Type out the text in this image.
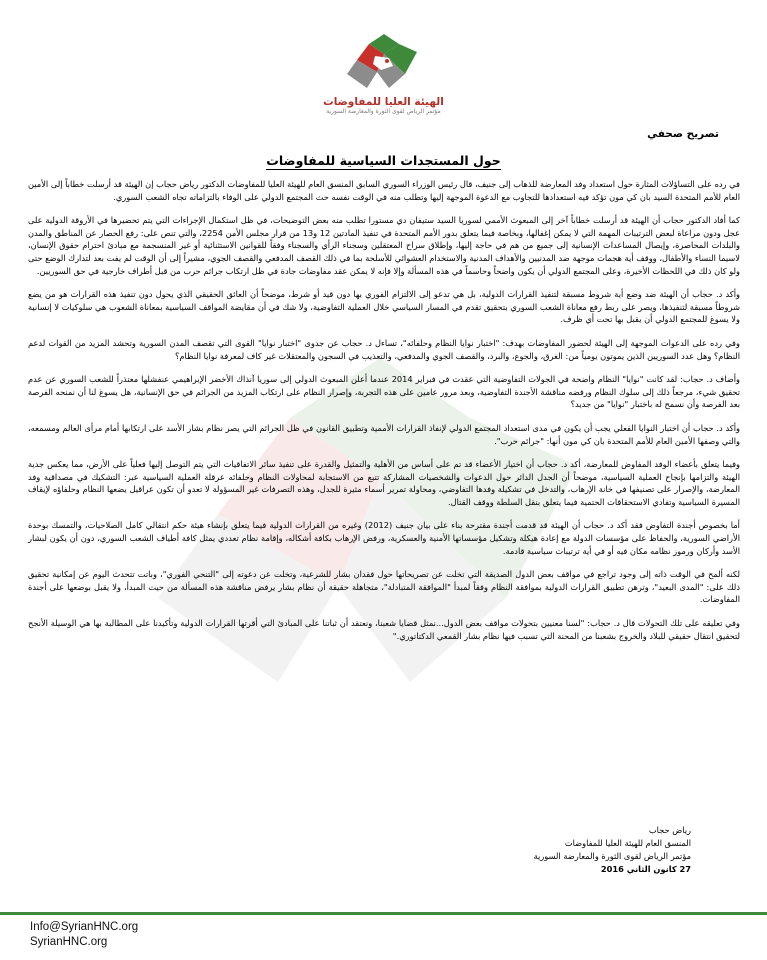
الهيئة العليا للمفاوضات
مؤتمر الرياض لقوى الثورة والمعارضة السورية
تصريح صحفي
حول المستجدات السياسية للمفاوضات

في رده على التساؤلات المثارة حول استعداد وفد المعارضة للذهاب إلى جنيف، قال رئيس الوزراء السوري السابق المنسق العام للهيئة العليا للمفاوضات الدكتور رياض حجاب إن الهيئة قد أرسلت خطاباً إلى الأمين العام للأمم المتحدة السيد بان كي مون تؤكد فيه استعدادها للتجاوب مع الدعوة الموجهة إليها وتطلب منه في الوقت نفسه حث المجتمع الدولي على الوفاء بالتزاماته تجاه الشعب السوري.

كما أفاد الدكتور حجاب أن الهيئة قد أرسلت خطاباً آخر إلى المبعوث الأممي لسوريا السيد ستيفان دي مستورا تطلب منه بعض التوضيحات، في ظل استكمال الإجراءات التي يتم تحضيرها في الأروقة الدولية على عجل ودون مراعاة لبعض الترتيبات المهمة التي لا يمكن إغفالها، وبخاصة فيما يتعلق بدور الأمم المتحدة في تنفيذ المادتين 12 و13 من قرار مجلس الأمن 2254، والتي تنص على: رفع الحصار عن المناطق والمدن والبلدات المحاصرة، وإيصال المساعدات الإنسانية إلى جميع من هم في حاجة إليها، وإطلاق سراح المعتقلين وسجناء الرأي والسجناء وفقاً للقوانين الاستثنائية أو غير المنسجمة مع مبادئ احترام حقوق الإنسان، لاسيما النساء والأطفال، ووقف أية هجمات موجهة ضد المدنيين والأهداف المدنية والاستخدام العشوائي للأسلحة بما في ذلك القصف المدفعي والقصف الجوي، مشيراً إلى أن الوقت لم يفت بعد لتدارك الوضع حتى ولو كان ذلك في اللحظات الأخيرة، وعلى المجتمع الدولي أن يكون واضحاً وحاسماً في هذه المسألة وإلا فإنه لا يمكن عقد مفاوضات جادة في ظل ارتكاب جرائم حرب من قبل أطراف خارجية في حق السوريين.

وأكد د. حجاب أن الهيئة ضد وضع أية شروط مسبقة لتنفيذ القرارات الدولية، بل هي تدعو إلى الالتزام الفوري بها دون قيد أو شرط، موضحاً أن العائق الحقيقي الذي يحول دون تنفيذ هذه القرارات هو من يضع شروطاً مسبقة لتنفيذها، ويصر على ربط رفع معاناة الشعب السوري بتحقيق تقدم في المسار السياسي خلال العملية التفاوضية، ولا شك في أن مقايضة المواقف السياسية بمعاناة الشعوب هي سلوكيات لا إنسانية ولا يسوغ للمجتمع الدولي أن يقبل بها تحت أي ظرف.

وفي رده على الدعوات الموجهة إلى الهيئة لحضور المفاوضات بهدف: "اختبار نوايا النظام وحلفائه"، تساءل د. حجاب عن جدوى "اختبار نوايا" القوى التي تقصف المدن السورية وتحشد المزيد من القوات لدعم النظام؟ وهل عدد السوريين الذين يموتون يومياً من: الغرق، والجوع، والبرد، والقصف الجوي والمدفعي، والتعذيب في السجون والمعتقلات غير كاف لمعرفة نوايا النظام؟

وأضاف د. حجاب: لقد كانت "نوايا" النظام واضحة في الجولات التفاوضية التي عقدت في فبراير 2014 عندما أعلن المبعوث الدولي إلى سوريا آنذاك الأخضر الإبراهيمي عنفشلها معتذراً للشعب السوري عن عدم تحقيق شيء، مرجعاً ذلك إلى سلوك النظام ورفضه مناقشة الأجندة التفاوضية، وبعد مرور عامين على هذه التجربة، وإصرار النظام على ارتكاب المزيد من الجرائم في حق الإنسانية، هل يسوغ لنا أن نمنحه الفرصة بعد الفرصة وأن نسمح له باختبار "نوايا" من جديد؟

وأكد د. حجاب أن اختبار النوايا الفعلي يجب أن يكون في مدى استعداد المجتمع الدولي لإنفاذ القرارات الأممية وتطبيق القانون في ظل الجرائم التي يصر نظام بشار الأسد على ارتكابها أمام مرأى العالم ومسمعه، والتي وصفها الأمين العام للأمم المتحدة بان كي مون أنها: "جرائم حرب".

وفيما يتعلق بأعضاء الوفد المفاوض للمعارضة، أكد د. حجاب أن اختيار الأعضاء قد تم على أساس من الأهلية والتمثيل والقدرة على تنفيذ سائر الاتفاقيات التي يتم التوصل إليها فعلياً على الأرض، مما يعكس جدية الهيئة والتزامها بإنجاح العملية السياسية، موضحاً أن الجدل الدائر حول الدعوات والشخصيات المشاركة تتبع من الاستجابة لمحاولات النظام وحلفائه عرقلة العملية السياسية عبر: التشكيك في مصداقية وفد المعارضة، والإصرار على تصنيفها في خانة الإرهاب، والتدخل في تشكيلة وفدها التفاوضي، ومحاولة تمرير أسماء مثيرة للجدل، وهذه التصرفات غير المسؤولة لا تعدو أن تكون عراقيل يضعها النظام وحلفاؤه لإيقاف المسيرة السياسية وتفادي الاستحقاقات الحتمية فيما يتعلق بنقل السلطة ووقف القتال.

أما بخصوص أجندة التفاوض فقد أكد د. حجاب أن الهيئة قد قدمت أجندة مقترحة بناء على بيان جنيف (2012) وغيره من القرارات الدولية فيما يتعلق بإنشاء هيئة حكم انتقالي كامل الصلاحيات، والتمسك بوحدة الأراضي السورية، والحفاظ على مؤسسات الدولة مع إعادة هيكلة وتشكيل مؤسساتها الأمنية والعسكرية، ورفض الإرهاب بكافة أشكاله، وإقامة نظام تعددي يمثل كافة أطياف الشعب السوري، دون أن يكون لبشار الأسد وأركان ورموز نظامه مكان فيه أو في أية ترتيبات سياسية قادمة.

لكنه ألمح في الوقت ذاته إلى وجود تراجع في مواقف بعض الدول الصديقة التي تخلت عن تصريحاتها حول فقدان بشار للشرعية، وتخلت عن دعوته إلى "التنحي الفوري"، وباتت تتحدث اليوم عن إمكانية تحقيق ذلك على: "المدى البعيد"، وترهن تطبيق القرارات الدولية بموافقة النظام وفقاً لمبدأ "الموافقة المتبادلة"، متجاهلة حقيقة أن نظام بشار يرفض مناقشة هذه المسألة من حيث المبدأ، ولا يقبل بوضعها على أجندة المفاوضات.

وفي تعليقه على تلك التحولات قال د. حجاب: "لسنا معنيين بتحولات مواقف بعض الدول...نمثل قضايا شعبنا، ونعتقد أن ثباتنا على المبادئ التي أقرتها القرارات الدولية وتأكيدنا على المطالبة بها هي الوسيلة الأنجح لتحقيق انتقال حقيقي للبلاد والخروج بشعبنا من المحنة التي تسبب فيها نظام بشار القمعي الدكتاتوري."

رياض حجاب
المنسق العام للهيئة العليا للمفاوضات
مؤتمر الرياض لقوى الثورة والمعارضة السورية
27 كانون الثاني 2016
Info@SyrianHNC.org
SyrianHNC.org
